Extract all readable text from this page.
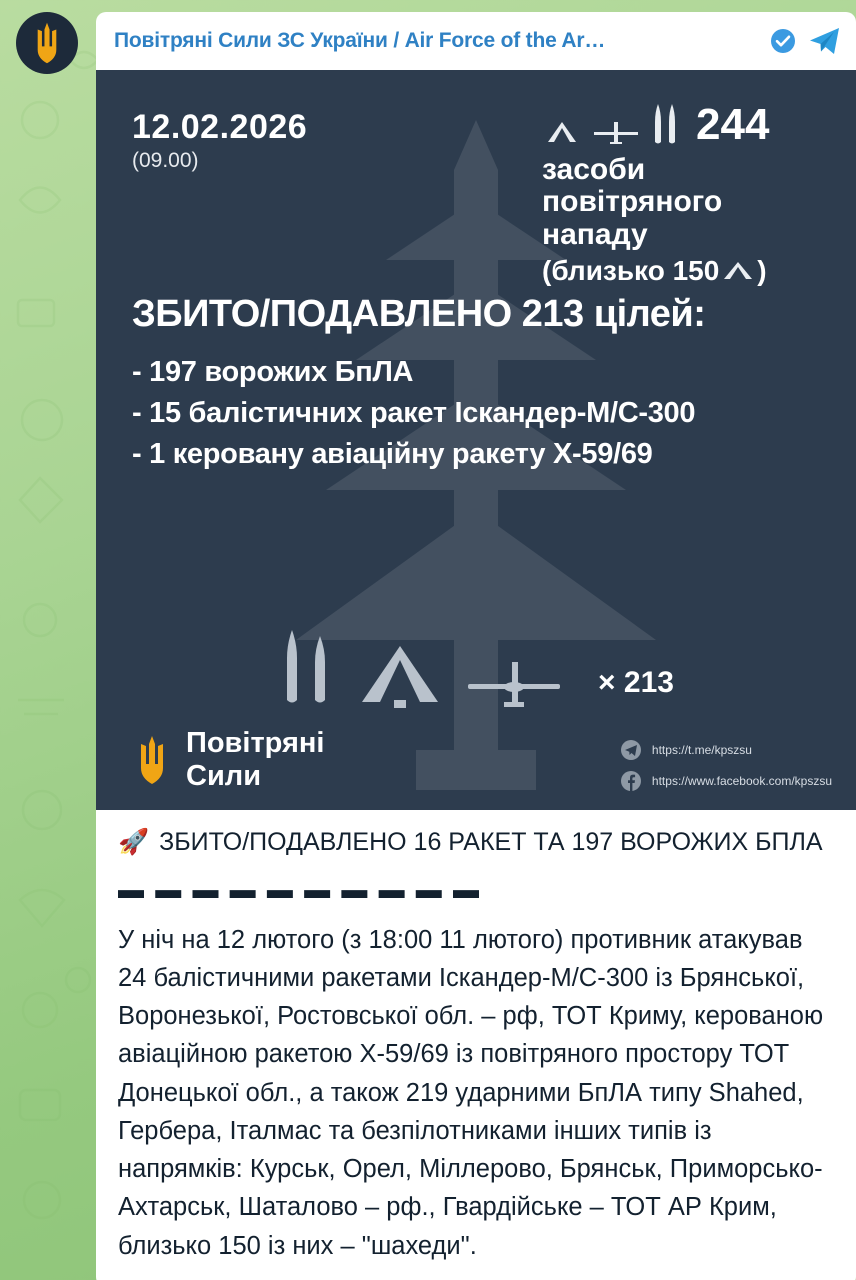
Повітряні Сили ЗС України / Air Force of the Ar…
12.02.2026
(09.00)
ЗБИТО/ПОДАВЛЕНО 213 цілей:
- 197 ворожих БпЛА
- 15 балістичних ракет Іскандер-М/С-300
- 1 керовану авіаційну ракету Х-59/69
244
засоби
повітряного
нападу
(близько 150 )
× 213
Повітряні
Сили
https://t.me/kpszsu
https://www.facebook.com/kpszsu
🚀 ЗБИТО/ПОДАВЛЕНО 16 РАКЕТ ТА 197 ВОРОЖИХ БПЛА
▬ ▬ ▬ ▬ ▬ ▬ ▬ ▬ ▬ ▬
У ніч на 12 лютого (з 18:00 11 лютого) противник атакував 24 балістичними ракетами Іскандер-М/С-300 із Брянської, Воронезької, Ростовської обл. – рф, ТОТ Криму, керованою авіаційною ракетою Х-59/69 із повітряного простору ТОТ Донецької обл., а також 219 ударними БпЛА типу Shahed, Гербера, Італмас та безпілотниками інших типів із напрямків: Курськ, Орел, Міллерово, Брянськ, Приморсько-Ахтарськ, Шаталово – рф., Гвардійське – ТОТ АР Крим, близько 150 із них – "шахеди".
